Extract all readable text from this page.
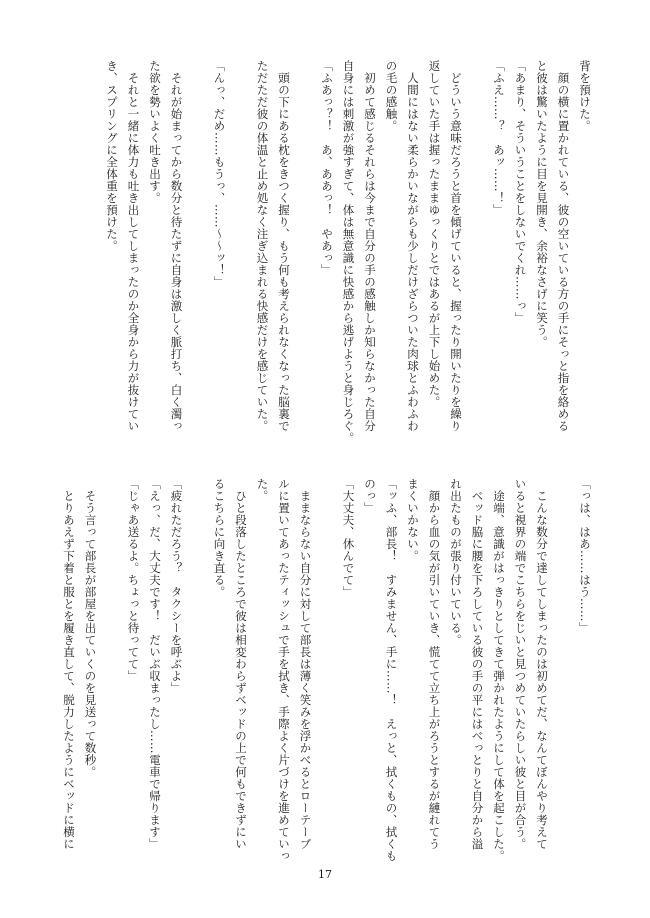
背を預けた。
　顔の横に置かれている、彼の空いている方の手にそっと指を絡める
と彼は驚いたように目を見開き、余裕なさげに笑う。
「あまり、そういうことをしないでくれ……っ」
「ふえ……？　あッ……！」

　どういう意味だろうと首を傾げていると、握ったり開いたりを繰り
返していた手は握ったままゆっくりとではあるが上下し始めた。
　人間にはない柔らかいながらも少しだけざらついた肉球とふわふわ
の毛の感触。
　初めて感じるそれらは今まで自分の手の感触しか知らなかった自分
自身には刺激が強すぎて、体は無意識に快感から逃げようと身じろぐ。
「ふあっ？！　あ、ああっ！　やあっ」

　頭の下にある枕をきつく握り、もう何も考えられなくなった脳裏で
ただただ彼の体温と止め処なく注ぎ込まれる快感だけを感じていた。

「んっ、だめ……もうっ、……〜〜ッ！」

　それが始まってから数分と待たずに自身は激しく脈打ち、白く濁っ
た欲を勢いよく吐き出す。
　それと一緒に体力も吐き出してしまったのか全身から力が抜けてい
き、スプリングに全体重を預けた。
「っは、はあ……はう……」

　こんな数分で達してしまったのは初めてだ、なんてぼんやり考えて
いると視界の端でこちらをじいと見つめていたらしい彼と目が合う。
　途端、意識がはっきりとしてきて弾かれたようにして体を起こした。
　ベッド脇に腰を下ろしている彼の手の平にはべっとりと自分から溢
れ出たものが張り付いている。
　顔から血の気が引いていき、慌てて立ち上がろうとするが縺れてう
まくいかない。
「ッふ、部長！　すみません、手に……！　えっと、拭くもの、拭くも
のっ」
「大丈夫、休んでて」

　ままならない自分に対して部長は薄く笑みを浮かべるとローテーブ
ルに置いてあったティッシュで手を拭き、手際よく片づけを進めていっ
た。
　ひと段落したところで彼は相変わらずベッドの上で何もできずにい
るこちらに向き直る。

「疲れただろう？　タクシーを呼ぶよ」
「えっ、だ、大丈夫です！　だいぶ収まったし……電車で帰ります」
「じゃあ送るよ。ちょっと待ってて」

　そう言って部長が部屋を出ていくのを見送って数秒。
　とりあえず下着と服とを履き直して、脱力したようにベッドに横に
17
